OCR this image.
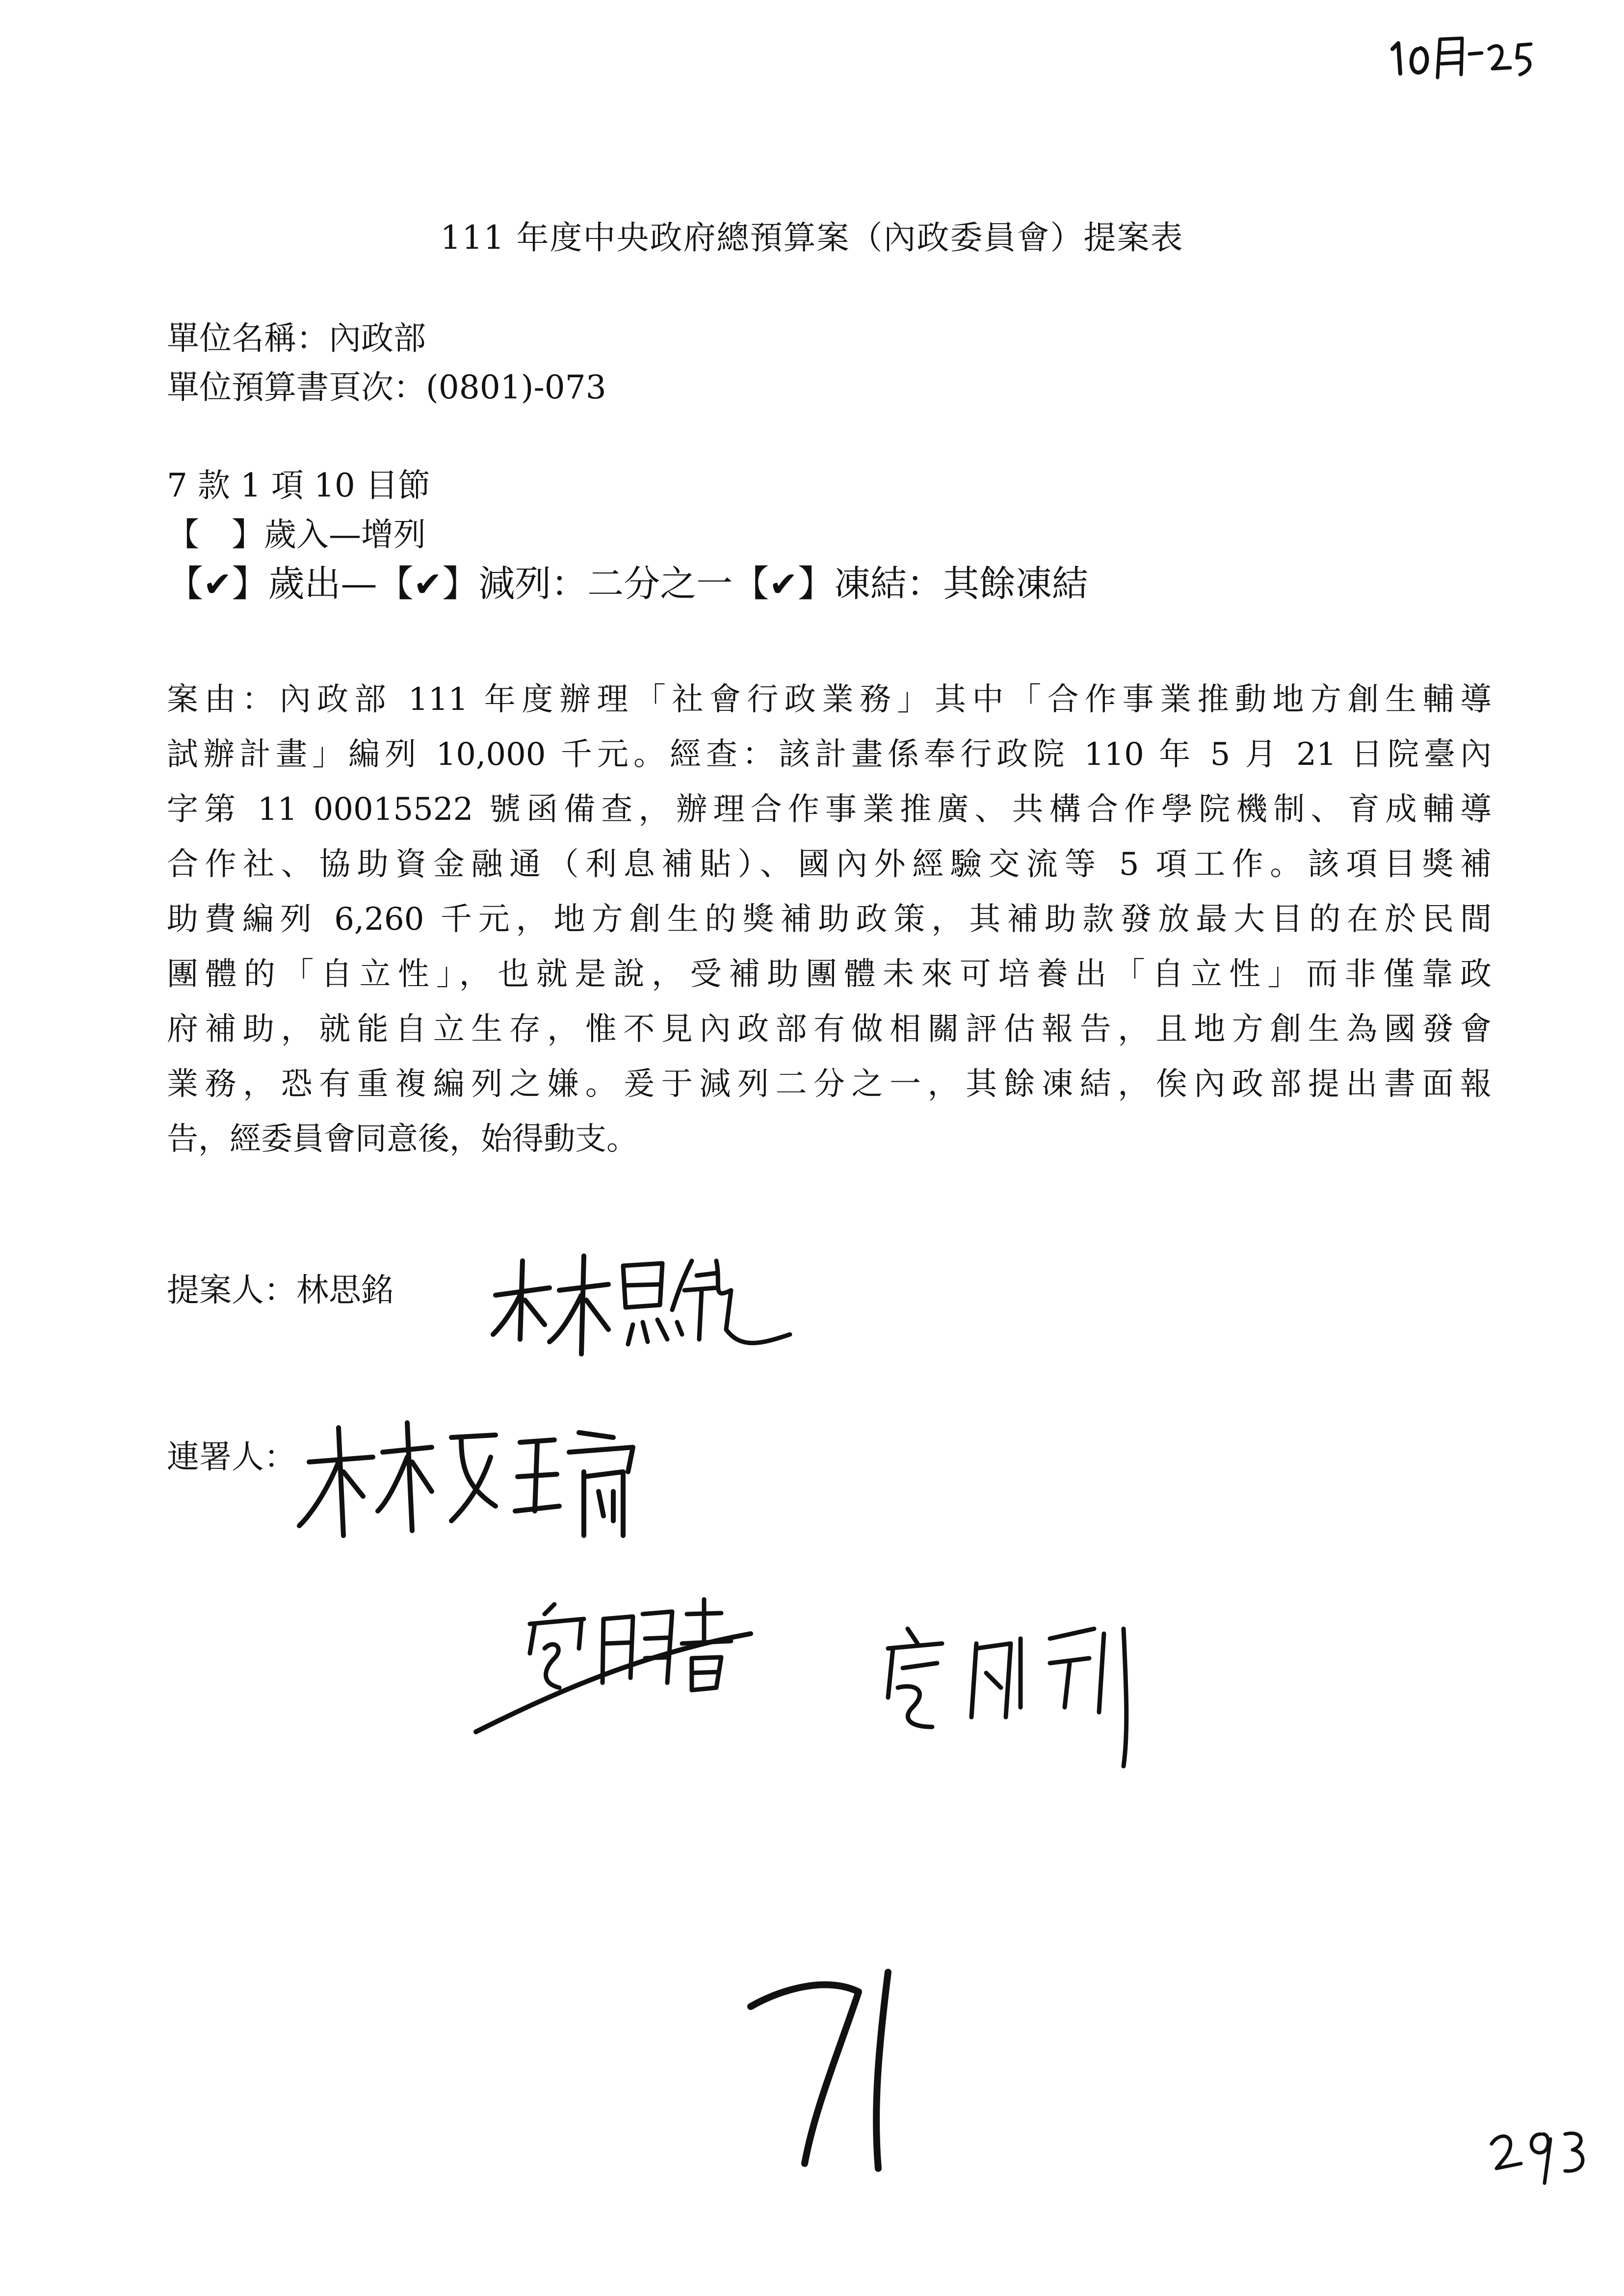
111 年度中央政府總預算案（內政委員會）提案表
單位名稱：內政部
單位預算書頁次：(0801)-073
7 款 1 項 10 目節
【  】歲入—增列
【✔】歲出—【✔】減列：二分之一【✔】凍結：其餘凍結
案由：內政部 111 年度辦理「社會行政業務」其中「合作事業推動地方創生輔導
試辦計畫」編列 10,000 千元。經查：該計畫係奉行政院 110 年 5 月 21 日院臺內
字第 11 00015522 號函備查，辦理合作事業推廣、共構合作學院機制、育成輔導
合作社、協助資金融通（利息補貼）、國內外經驗交流等 5 項工作。該項目獎補
助費編列 6,260 千元，地方創生的獎補助政策，其補助款發放最大目的在於民間
團體的「自立性」，也就是說，受補助團體未來可培養出「自立性」而非僅靠政
府補助，就能自立生存，惟不見內政部有做相關評估報告，且地方創生為國發會
業務，恐有重複編列之嫌。爰于減列二分之一，其餘凍結，俟內政部提出書面報
告，經委員會同意後，始得動支。
提案人：林思銘
連署人：
